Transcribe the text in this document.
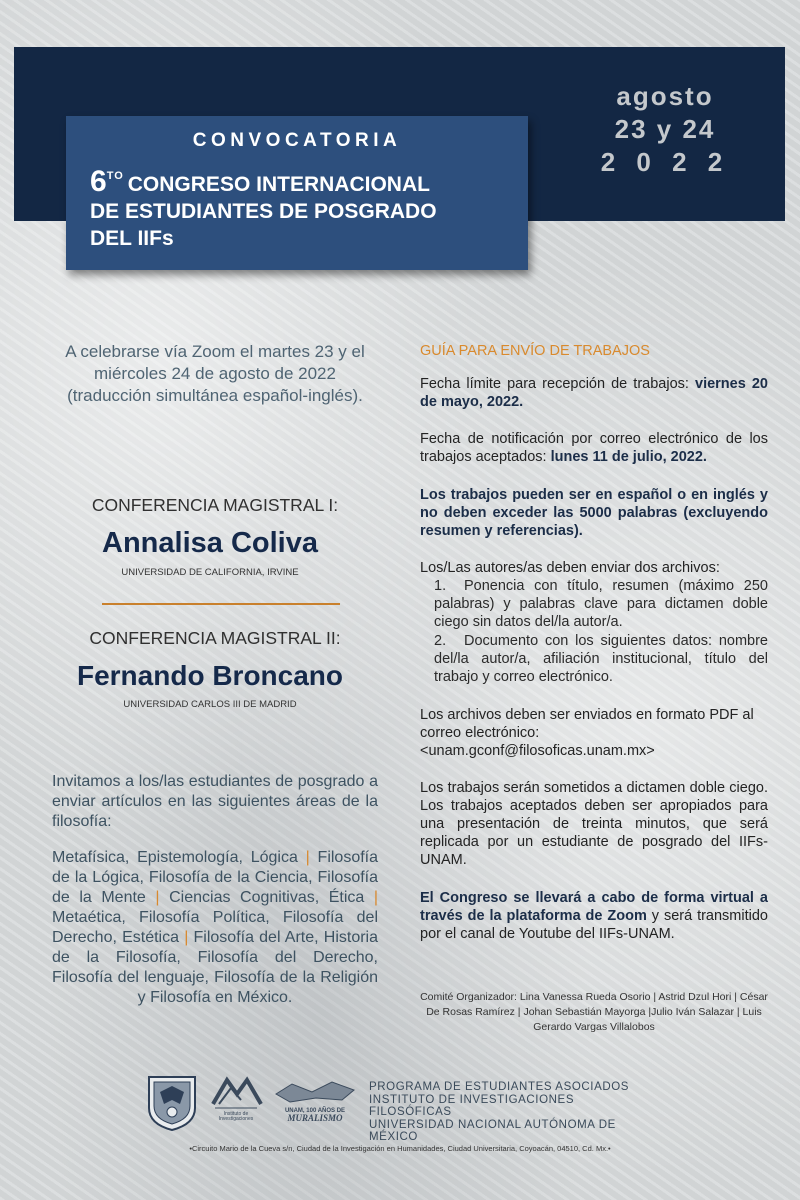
agosto
23 y 24
2 0 2 2
CONVOCATORIA
$6^{TO}$ CONGRESO INTERNACIONAL
DE ESTUDIANTES DE POSGRADO
DEL IIFs
A celebrarse vía Zoom el martes 23 y el miércoles 24 de agosto de 2022 (traducción simultánea español-inglés).
CONFERENCIA MAGISTRAL I:
Annalisa Coliva
UNIVERSIDAD DE CALIFORNIA, IRVINE
CONFERENCIA MAGISTRAL II:
Fernando Broncano
UNIVERSIDAD CARLOS III DE MADRID
Invitamos a los/las estudiantes de posgrado a enviar artículos en las siguientes áreas de la filosofía:
Metafísica, Epistemología, Lógica | Filosofía de la Lógica, Filosofía de la Ciencia, Filosofía de la Mente | Ciencias Cognitivas, Ética | Metaética, Filosofía Política, Filosofía del Derecho, Estética | Filosofía del Arte, Historia de la Filosofía, Filosofía del Derecho, Filosofía del lenguaje, Filosofía de la Religión y Filosofía en México.
GUÍA PARA ENVÍO DE TRABAJOS
Fecha límite para recepción de trabajos: viernes 20 de mayo, 2022.
Fecha de notificación por correo electrónico de los trabajos aceptados: lunes 11 de julio, 2022.
Los trabajos pueden ser en español o en inglés y no deben exceder las 5000 palabras (excluyendo resumen y referencias).
Los/Las autores/as deben enviar dos archivos:
1. Ponencia con título, resumen (máximo 250 palabras) y palabras clave para dictamen doble ciego sin datos del/la autor/a.
2. Documento con los siguientes datos: nombre del/la autor/a, afiliación institucional, título del trabajo y correo electrónico.
Los archivos deben ser enviados en formato PDF al correo electrónico:
<unam.gconf@filosoficas.unam.mx>
Los trabajos serán sometidos a dictamen doble ciego. Los trabajos aceptados deben ser apropiados para una presentación de treinta minutos, que será replicada por un estudiante de posgrado del IIFs-UNAM.
El Congreso se llevará a cabo de forma virtual a través de la plataforma de Zoom y será transmitido por el canal de Youtube del IIFs-UNAM.
Comité Organizador: Lina Vanessa Rueda Osorio | Astrid Dzul Hori | César De Rosas Ramírez | Johan Sebastián Mayorga |Julio Iván Salazar | Luis Gerardo Vargas Villalobos
Instituto de
Investigaciones
UNAM, 100 AÑOS DE
MURALISMO
PROGRAMA DE ESTUDIANTES ASOCIADOS
INSTITUTO DE INVESTIGACIONES FILOSÓFICAS
UNIVERSIDAD NACIONAL AUTÓNOMA DE MÉXICO
•Circuito Mario de la Cueva s/n, Ciudad de la Investigación en Humanidades, Ciudad Universitaria, Coyoacán, 04510, Cd. Mx.•
